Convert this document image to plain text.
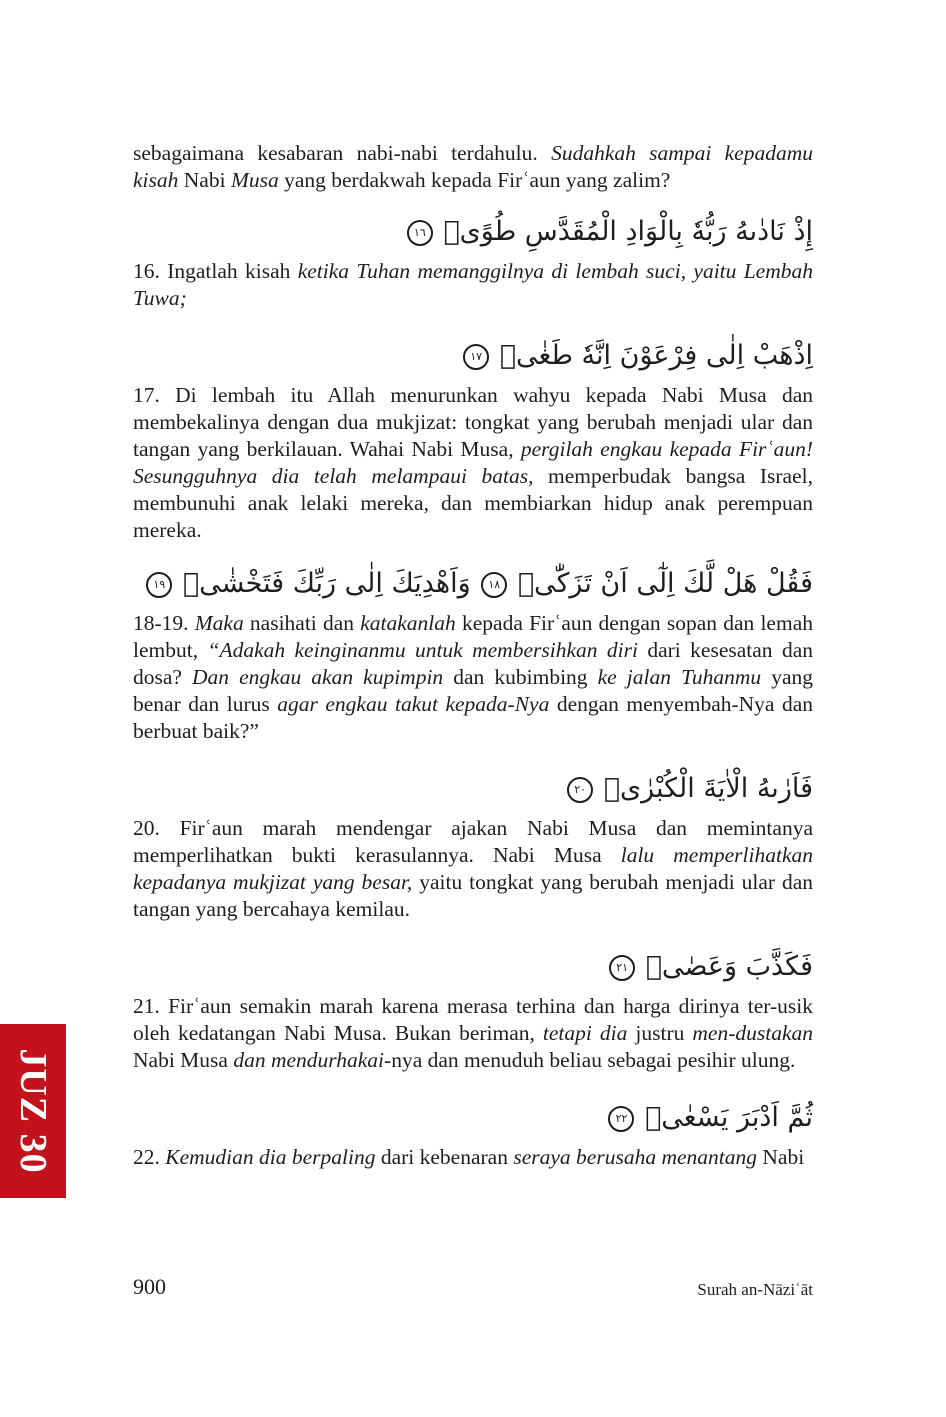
sebagaimana kesabaran nabi-nabi terdahulu. Sudahkah sampai kepadamu kisah Nabi Musa yang berdakwah kepada Firʿaun yang zalim?

إِذْ نَادٰىهُ رَبُّهٗ بِالْوَادِ الْمُقَدَّسِ طُوًىۚ ١٦

16. Ingatlah kisah ketika Tuhan memanggilnya di lembah suci, yaitu Lembah Tuwa;

اِذْهَبْ اِلٰى فِرْعَوْنَ اِنَّهٗ طَغٰىۖ ١٧

17. Di lembah itu Allah menurunkan wahyu kepada Nabi Musa dan membekalinya dengan dua mukjizat: tongkat yang berubah menjadi ular dan tangan yang berkilauan. Wahai Nabi Musa, pergilah engkau kepada Firʿaun! Sesungguhnya dia telah melampaui batas, memperbudak bangsa Israel, membunuhi anak lelaki mereka, dan membiarkan hidup anak perempuan mereka.

فَقُلْ هَلْ لَّكَ اِلٰٓى اَنْ تَزَكّٰىۙ ١٨ وَاَهْدِيَكَ اِلٰى رَبِّكَ فَتَخْشٰىۚ ١٩

18-19. Maka nasihati dan katakanlah kepada Firʿaun dengan sopan dan lemah lembut, “Adakah keinginanmu untuk membersihkan diri dari kesesatan dan dosa? Dan engkau akan kupimpin dan kubimbing ke jalan Tuhanmu yang benar dan lurus agar engkau takut kepada-Nya dengan menyembah-Nya dan berbuat baik?”

فَاَرٰىهُ الْاٰيَةَ الْكُبْرٰىۖ ٢٠

20. Firʿaun marah mendengar ajakan Nabi Musa dan memintanya memperlihatkan bukti kerasulannya. Nabi Musa lalu memperlihatkan kepadanya mukjizat yang besar, yaitu tongkat yang berubah menjadi ular dan tangan yang bercahaya kemilau.

فَكَذَّبَ وَعَصٰىۖ ٢١

21. Firʿaun semakin marah karena merasa terhina dan harga dirinya ter-usik oleh kedatangan Nabi Musa. Bukan beriman, tetapi dia justru men-dustakan Nabi Musa dan mendurhakai-nya dan menuduh beliau sebagai pesihir ulung.

ثُمَّ اَدْبَرَ يَسْعٰىۖ ٢٢

22. Kemudian dia berpaling dari kebenaran seraya berusaha menantang Nabi

JUZ 30
900	Surah an-Nāziʿāt
